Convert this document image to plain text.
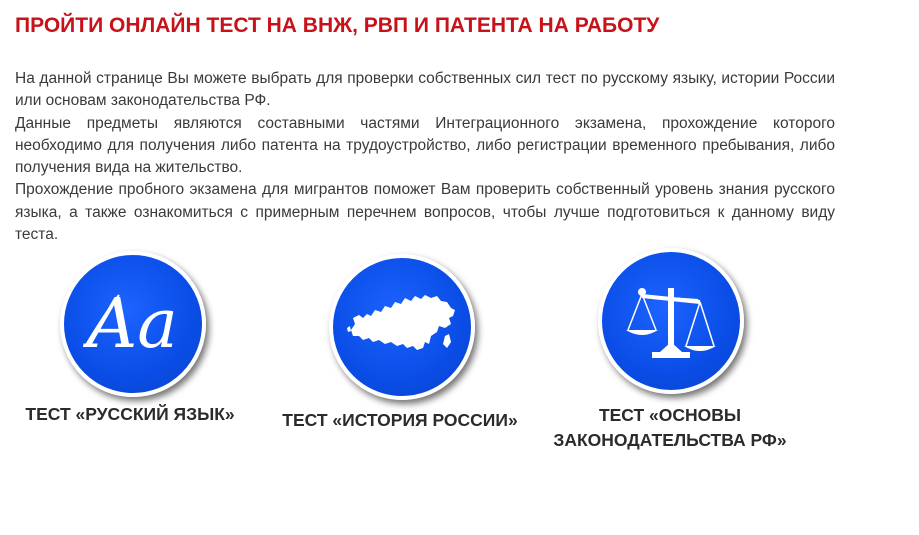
ПРОЙТИ ОНЛАЙН ТЕСТ НА ВНЖ, РВП И ПАТЕНТА НА РАБОТУ

На данной странице Вы можете выбрать для проверки собственных сил тест по русскому языку, истории России или основам законодательства РФ.

Данные предметы являются составными частями Интеграционного экзамена, прохождение которого необходимо для получения либо патента на трудоустройство, либо регистрации временного пребывания, либо получения вида на жительство.

Прохождение пробного экзамена для мигрантов поможет Вам проверить собственный уровень знания русского языка, а также ознакомиться с примерным перечнем вопросов, чтобы лучше подготовиться к данному виду теста.

Aa
ТЕСТ «РУССКИЙ ЯЗЫК»	ТЕСТ «ИСТОРИЯ РОССИИ»	ТЕСТ «ОСНОВЫ
ЗАКОНОДАТЕЛЬСТВА РФ»
